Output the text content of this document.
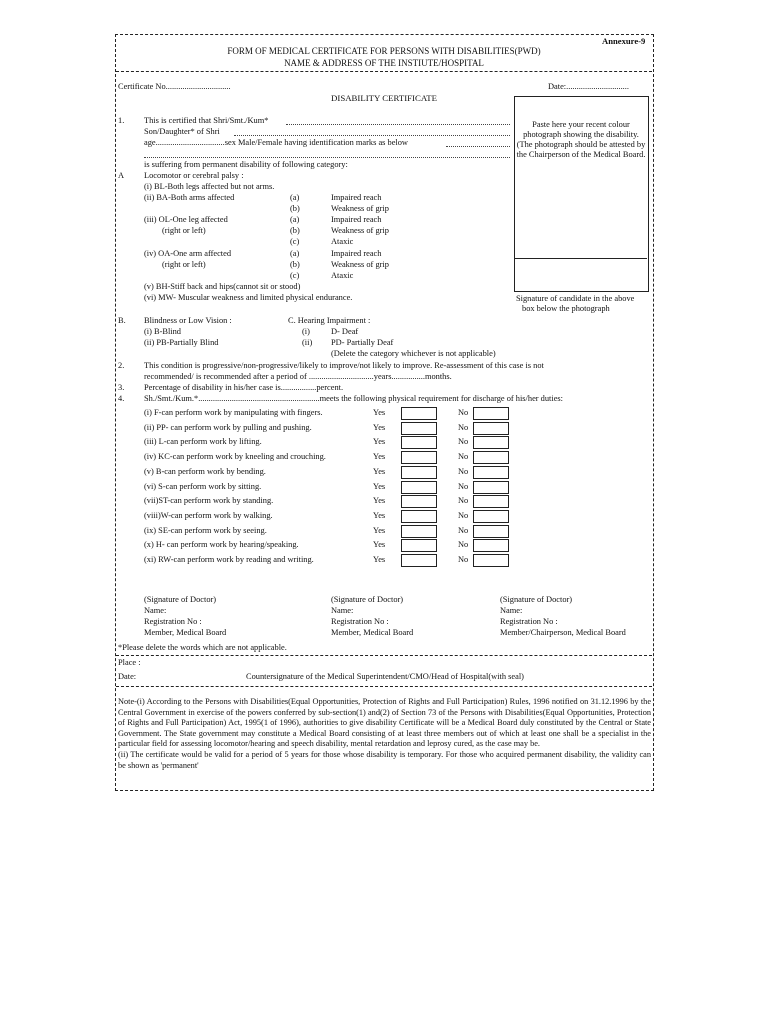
Annexure-9
FORM OF MEDICAL CERTIFICATE FOR PERSONS WITH DISABILITIES(PWD)
NAME & ADDRESS OF THE INSTIUTE/HOSPITAL
Certificate No...............................	Date:..............................
DISABILITY CERTIFICATE
Paste here your recent colour photograph showing the disability. (The photograph should be attested by the Chairperson of the Medical Board.
Signature of candidate in the above
box below the photograph
1. This is certified that Shri/Smt./Kum*
Son/Daughter* of Shri
age.................................sex Male/Female having identification marks as below
is suffering from permanent disability of following category:
A Locomotor or cerebral palsy :
(i) BL-Both legs affected but not arms.
(ii) BA-Both arms affected	(a)	Impaired reach
(b)	Weakness of grip
(iii) OL-One leg affected	(a)	Impaired reach
(right or left)	(b)	Weakness of grip
(c)	Ataxic
(iv) OA-One arm affected	(a)	Impaired reach
(right or left)	(b)	Weakness of grip
(c)	Ataxic
(v) BH-Stiff back and hips(cannot sit or stood)
(vi) MW- Muscular weakness and limited physical endurance.
B. Blindness or Low Vision :	C. Hearing Impairment :
(i) B-Blind	(i)	D- Deaf
(ii) PB-Partially Blind	(ii) PD- Partially Deaf
(Delete the category whichever is not applicable)
2. This condition is progressive/non-progressive/likely to improve/not likely to improve. Re-assessment of this case is not
recommended/ is recommended after a period of ...............................years................months.
3. Percentage of disability in his/her case is.................percent.
4. Sh./Smt./Kum.*..........................................................meets the following physical requirement for discharge of his/her duties:
(i) F-can perform work by manipulating with fingers.	Yes	No
(ii) PP- can perform work by pulling and pushing.	Yes	No
(iii) L-can perform work by lifting.	Yes	No
(iv) KC-can perform work by kneeling and crouching.	Yes	No
(v) B-can perform work by bending.	Yes	No
(vi) S-can perform work by sitting.	Yes	No
(vii)ST-can perform work by standing.	Yes	No
(viii)W-can perform work by walking.	Yes	No
(ix) SE-can perform work by seeing.	Yes	No
(x) H- can perform work by hearing/speaking.	Yes	No
(xi) RW-can perform work by reading and writing.	Yes	No
(Signature of Doctor)
Name:
Registration No :
Member, Medical Board
(Signature of Doctor)
Name:
Registration No :
Member, Medical Board
(Signature of Doctor)
Name:
Registration No :
Member/Chairperson, Medical Board
*Please delete the words which are not applicable.
Place :
Date:	Countersignature of the Medical Superintendent/CMO/Head of Hospital(with seal)
Note-(i) According to the Persons with Disabilities(Equal Opportunities, Protection of Rights and Full Participation) Rules, 1996 notified on 31.12.1996 by the Central Government in exercise of the powers conferred by sub-section(1) and(2) of Section 73 of the Persons with Disabilities(Equal Opportunities, Protection of Rights and Full Participation) Act, 1995(1 of 1996), authorities to give disability Certificate will be a Medical Board duly constituted by the Central or State Government. The State government may constitute a Medical Board consisting of at least three members out of which at least one shall be a specialist in the particular field for assessing locomotor/hearing and speech disability, mental retardation and leprosy cured, as the case may be.
(ii) The certificate would be valid for a period of 5 years for those whose disability is temporary. For those who acquired permanent disability, the validity can be shown as 'permanent'
